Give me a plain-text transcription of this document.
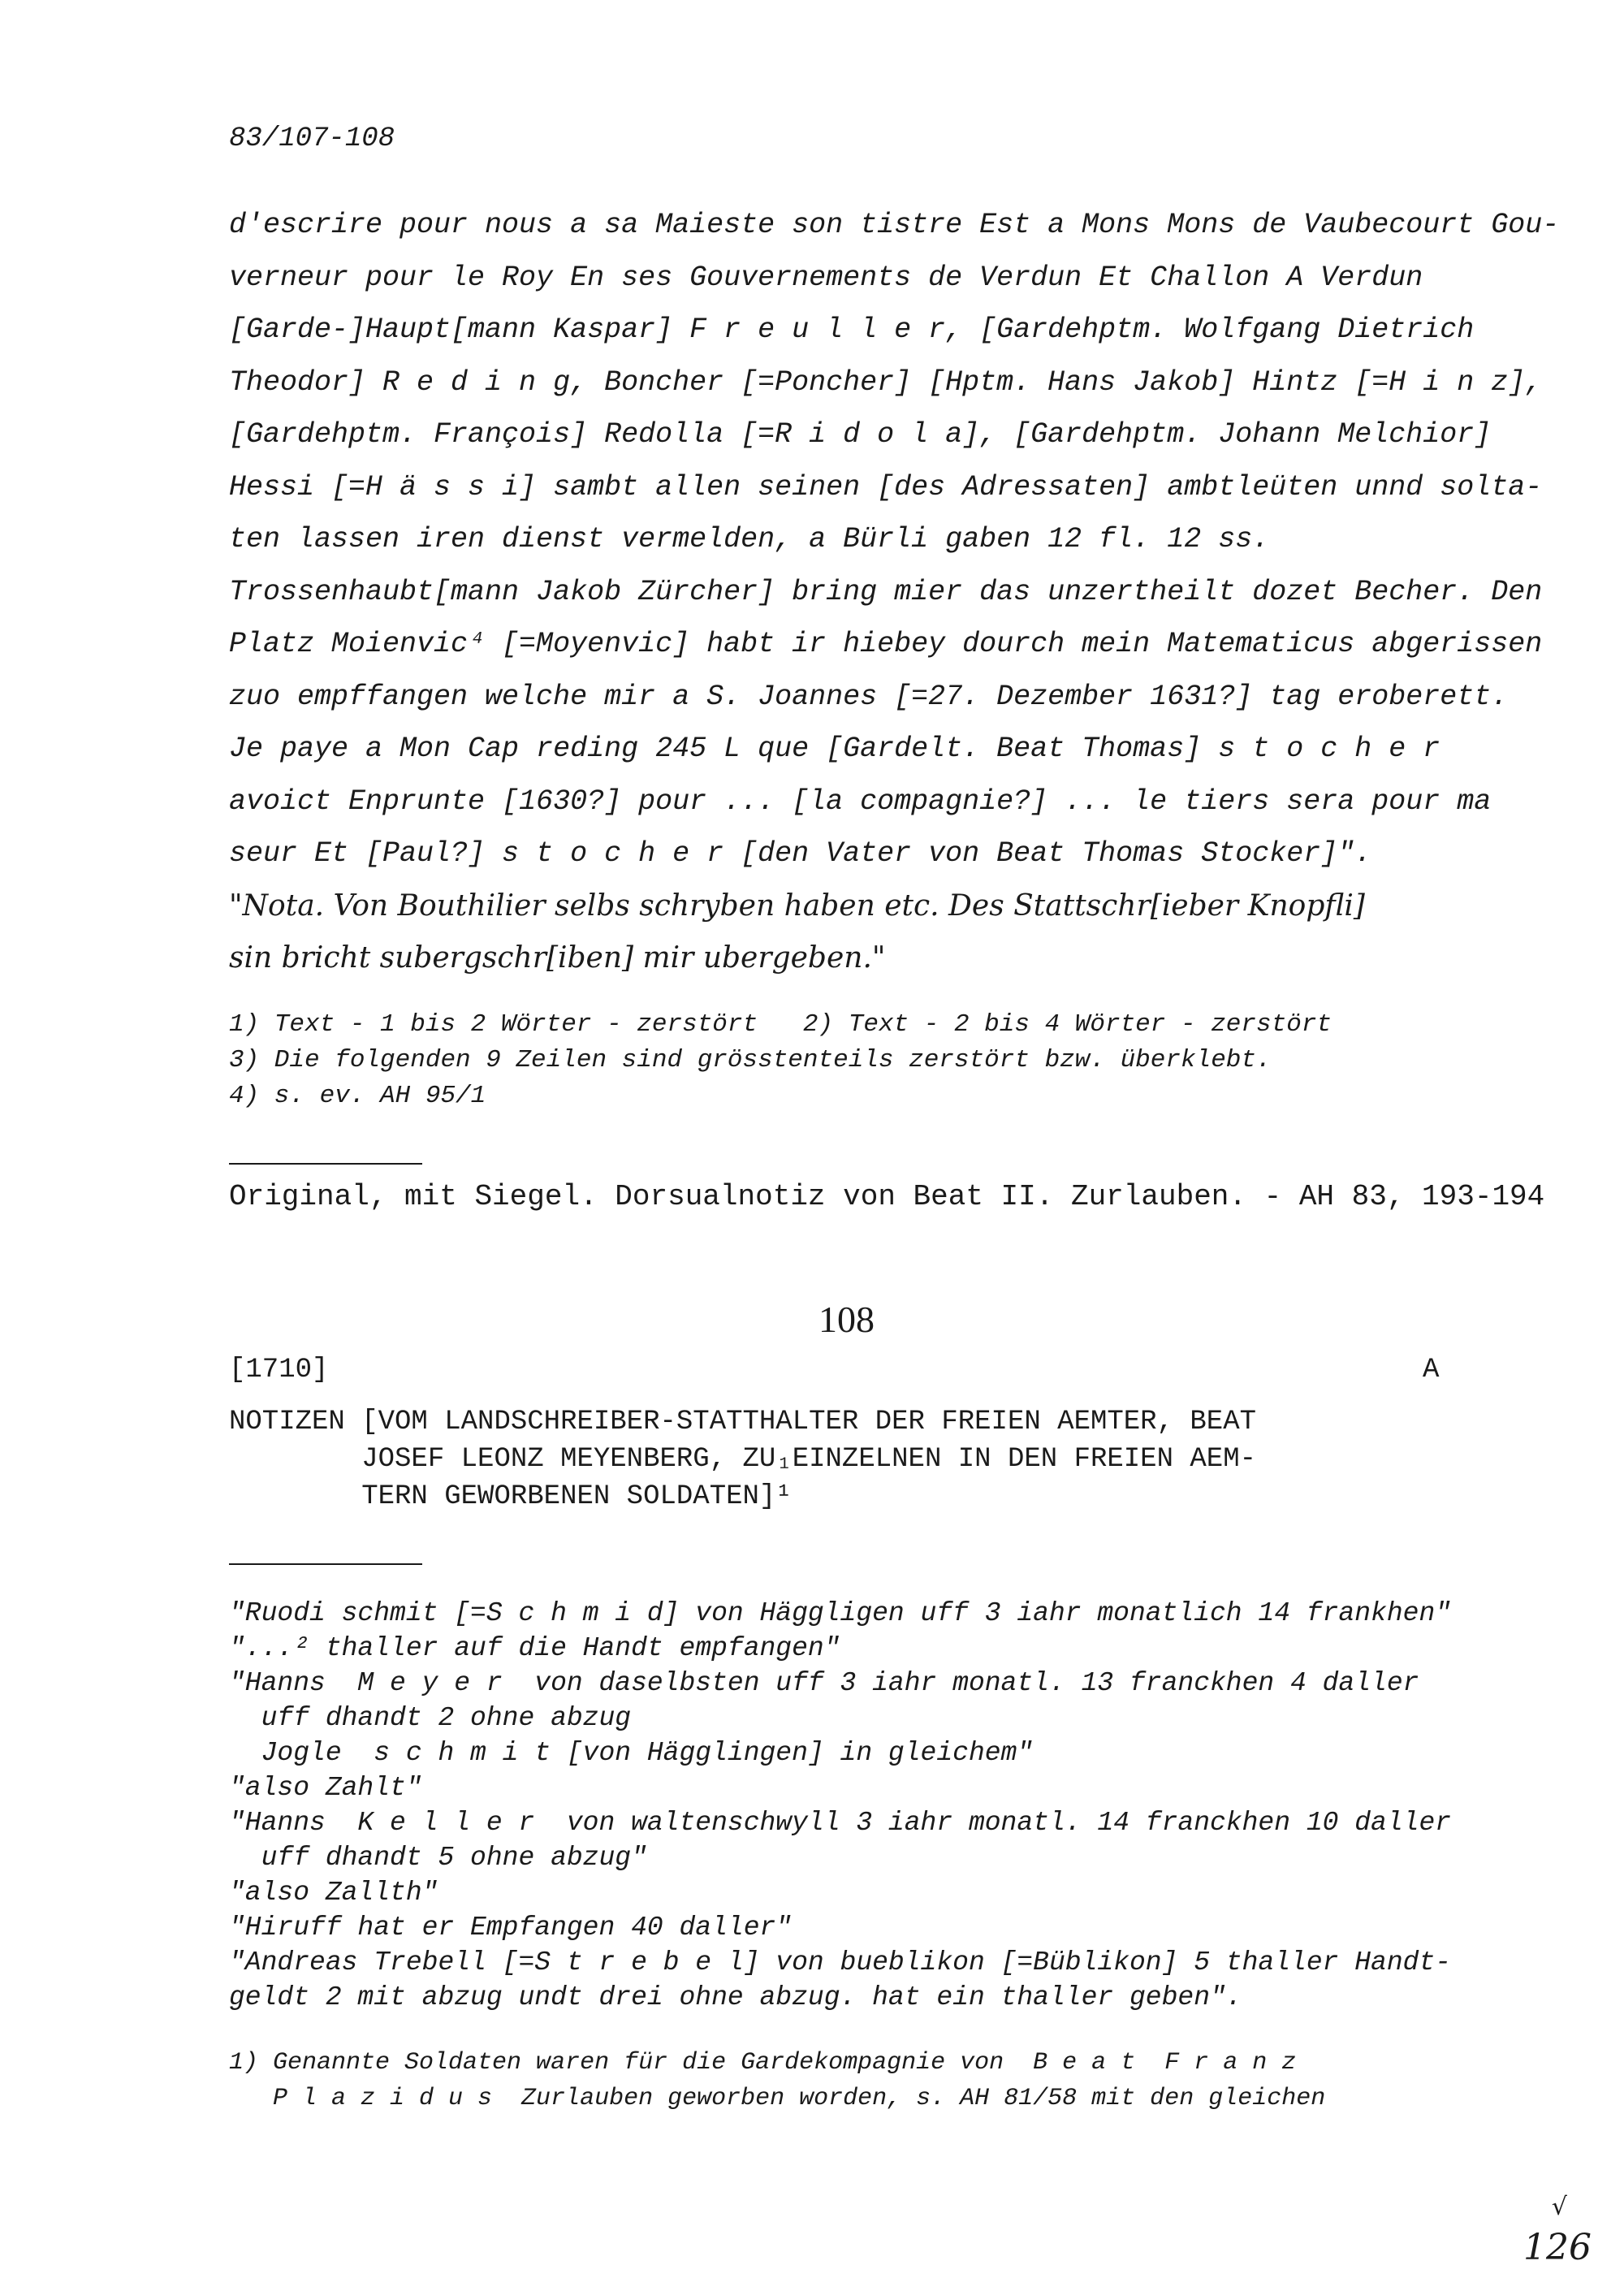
83/107-108
d'escrire pour nous a sa Maieste son tistre Est a Mons Mons de Vaubecourt Gou-
verneur pour le Roy En ses Gouvernements de Verdun Et Challon A Verdun
[Garde-]Haupt[mann Kaspar] F r e u l l e r, [Gardehptm. Wolfgang Dietrich
Theodor] R e d i n g, Boncher [=Poncher] [Hptm. Hans Jakob] Hintz [=H i n z],
[Gardehptm. François] Redolla [=R i d o l a], [Gardehptm. Johann Melchior]
Hessi [=H ä s s i] sambt allen seinen [des Adressaten] ambtleüten unnd solta-
ten lassen iren dienst vermelden, a Bürli gaben 12 fl. 12 ss.
Trossenhaubt[mann Jakob Zürcher] bring mier das unzertheilt dozet Becher. Den
Platz Moienvic⁴ [=Moyenvic] habt ir hiebey dourch mein Matematicus abgerissen
zuo empffangen welche mir a S. Joannes [=27. Dezember 1631?] tag eroberett.
Je paye a Mon Cap reding 245 L que [Gardelt. Beat Thomas] s t o c h e r
avoict Enprunte [1630?] pour ... [la compagnie?] ... le tiers sera pour ma
seur Et [Paul?] s t o c h e r [den Vater von Beat Thomas Stocker]".
"Nota. Von Bouthilier selbs schryben haben etc. Des Stattschr[ieber Knopfli]
sin bricht subergschr[iben] mir ubergeben."
1) Text - 1 bis 2 Wörter - zerstört   2) Text - 2 bis 4 Wörter - zerstört
3) Die folgenden 9 Zeilen sind grösstenteils zerstört bzw. überklebt.
4) s. ev. AH 95/1
Original, mit Siegel. Dorsualnotiz von Beat II. Zurlauben. - AH 83, 193-194
108
[1710]	A
NOTIZEN [VOM LANDSCHREIBER-STATTHALTER DER FREIEN AEMTER, BEAT
JOSEF LEONZ MEYENBERG, ZU₁EINZELNEN IN DEN FREIEN AEM-
TERN GEWORBENEN SOLDATEN]¹
"Ruodi schmit [=S c h m i d] von Häggligen uff 3 iahr monatlich 14 frankhen"
"...² thaller auf die Handt empfangen"
"Hanns  M e y e r  von daselbsten uff 3 iahr monatl. 13 franckhen 4 daller
uff dhandt 2 ohne abzug
Jogle  s c h m i t [von Hägglingen] in gleichem"
"also Zahlt"
"Hanns  K e l l e r  von waltenschwyll 3 iahr monatl. 14 franckhen 10 daller
uff dhandt 5 ohne abzug"
"also Zallth"
"Hiruff hat er Empfangen 40 daller"
"Andreas Trebell [=S t r e b e l] von bueblikon [=Büblikon] 5 thaller Handt-
geldt 2 mit abzug undt drei ohne abzug. hat ein thaller geben".
1) Genannte Soldaten waren für die Gardekompagnie von  B e a t  F r a n z
P l a z i d u s  Zurlauben geworben worden, s. AH 81/58 mit den gleichen
√
126
